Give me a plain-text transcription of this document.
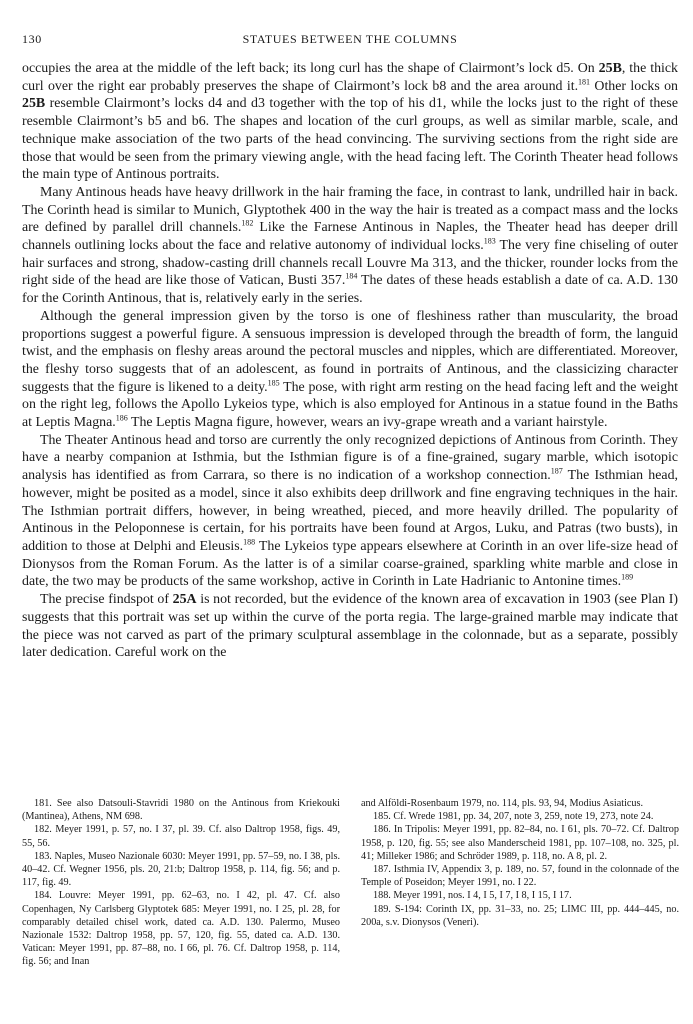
130	STATUES BETWEEN THE COLUMNS

occupies the area at the middle of the left back; its long curl has the shape of Clairmont’s lock d5. On 25B, the thick curl over the right ear probably preserves the shape of Clairmont’s lock b8 and the area around it.$^{181}$ Other locks on 25B resemble Clairmont’s locks d4 and d3 together with the top of his d1, while the locks just to the right of these resemble Clairmont’s b5 and b6. The shapes and location of the curl groups, as well as similar marble, scale, and technique make association of the two parts of the head convincing. The surviving sections from the right side are those that would be seen from the primary viewing angle, with the head facing left. The Corinth Theater head follows the main type of Antinous portraits.

Many Antinous heads have heavy drillwork in the hair framing the face, in contrast to lank, undrilled hair in back. The Corinth head is similar to Munich, Glyptothek 400 in the way the hair is treated as a compact mass and the locks are defined by parallel drill channels.$^{182}$ Like the Farnese Antinous in Naples, the Theater head has deeper drill channels outlining locks about the face and relative autonomy of individual locks.$^{183}$ The very fine chiseling of outer hair surfaces and strong, shadow-casting drill channels recall Louvre Ma 313, and the thicker, rounder locks from the right side of the head are like those of Vatican, Busti 357.$^{184}$ The dates of these heads establish a date of ca. A.D. 130 for the Corinth Antinous, that is, relatively early in the series.

Although the general impression given by the torso is one of fleshiness rather than muscularity, the broad proportions suggest a powerful figure. A sensuous impression is developed through the breadth of form, the languid twist, and the emphasis on fleshy areas around the pectoral muscles and nipples, which are differentiated. Moreover, the fleshy torso suggests that of an adolescent, as found in portraits of Antinous, and the classicizing character suggests that the figure is likened to a deity.$^{185}$ The pose, with right arm resting on the head facing left and the weight on the right leg, follows the Apollo Lykeios type, which is also employed for Antinous in a statue found in the Baths at Leptis Magna.$^{186}$ The Leptis Magna figure, however, wears an ivy-grape wreath and a variant hairstyle.

The Theater Antinous head and torso are currently the only recognized depictions of Antinous from Corinth. They have a nearby companion at Isthmia, but the Isthmian figure is of a fine-grained, sugary marble, which isotopic analysis has identified as from Carrara, so there is no indication of a workshop connection.$^{187}$ The Isthmian head, however, might be posited as a model, since it also exhibits deep drillwork and fine engraving techniques in the hair. The Isthmian portrait differs, however, in being wreathed, pieced, and more heavily drilled. The popularity of Antinous in the Peloponnese is certain, for his portraits have been found at Argos, Luku, and Patras (two busts), in addition to those at Delphi and Eleusis.$^{188}$ The Lykeios type appears elsewhere at Corinth in an over life-size head of Dionysos from the Roman Forum. As the latter is of a similar coarse-grained, sparkling white marble and close in date, the two may be products of the same workshop, active in Corinth in Late Hadrianic to Antonine times.$^{189}$

The precise findspot of 25A is not recorded, but the evidence of the known area of excavation in 1903 (see Plan I) suggests that this portrait was set up within the curve of the porta regia. The large-grained marble may indicate that the piece was not carved as part of the primary sculptural assemblage in the colonnade, but as a separate, possibly later dedication. Careful work on the

181. See also Datsouli-Stavridi 1980 on the Antinous from Kriekouki (Mantinea), Athens, NM 698.

182. Meyer 1991, p. 57, no. I 37, pl. 39. Cf. also Daltrop 1958, figs. 49, 55, 56.

183. Naples, Museo Nazionale 6030: Meyer 1991, pp. 57–59, no. I 38, pls. 40–42. Cf. Wegner 1956, pls. 20, 21:b; Daltrop 1958, p. 114, fig. 56; and p. 117, fig. 49.

184. Louvre: Meyer 1991, pp. 62–63, no. I 42, pl. 47. Cf. also Copenhagen, Ny Carlsberg Glyptotek 685: Meyer 1991, no. I 25, pl. 28, for comparably detailed chisel work, dated ca. A.D. 130. Palermo, Museo Nazionale 1532: Daltrop 1958, pp. 57, 120, fig. 55, dated ca. A.D. 130. Vatican: Meyer 1991, pp. 87–88, no. I 66, pl. 76. Cf. Daltrop 1958, p. 114, fig. 56; and Inan

and Alföldi-Rosenbaum 1979, no. 114, pls. 93, 94, Modius Asiaticus.

185. Cf. Wrede 1981, pp. 34, 207, note 3, 259, note 19, 273, note 24.

186. In Tripolis: Meyer 1991, pp. 82–84, no. I 61, pls. 70–72. Cf. Daltrop 1958, p. 120, fig. 55; see also Manderscheid 1981, pp. 107–108, no. 325, pl. 41; Milleker 1986; and Schröder 1989, p. 118, no. A 8, pl. 2.

187. Isthmia IV, Appendix 3, p. 189, no. 57, found in the colonnade of the Temple of Poseidon; Meyer 1991, no. I 22.

188. Meyer 1991, nos. I 4, I 5, I 7, I 8, I 15, I 17.

189. S-194: Corinth IX, pp. 31–33, no. 25; LIMC III, pp. 444–445, no. 200a, s.v. Dionysos (Veneri).
